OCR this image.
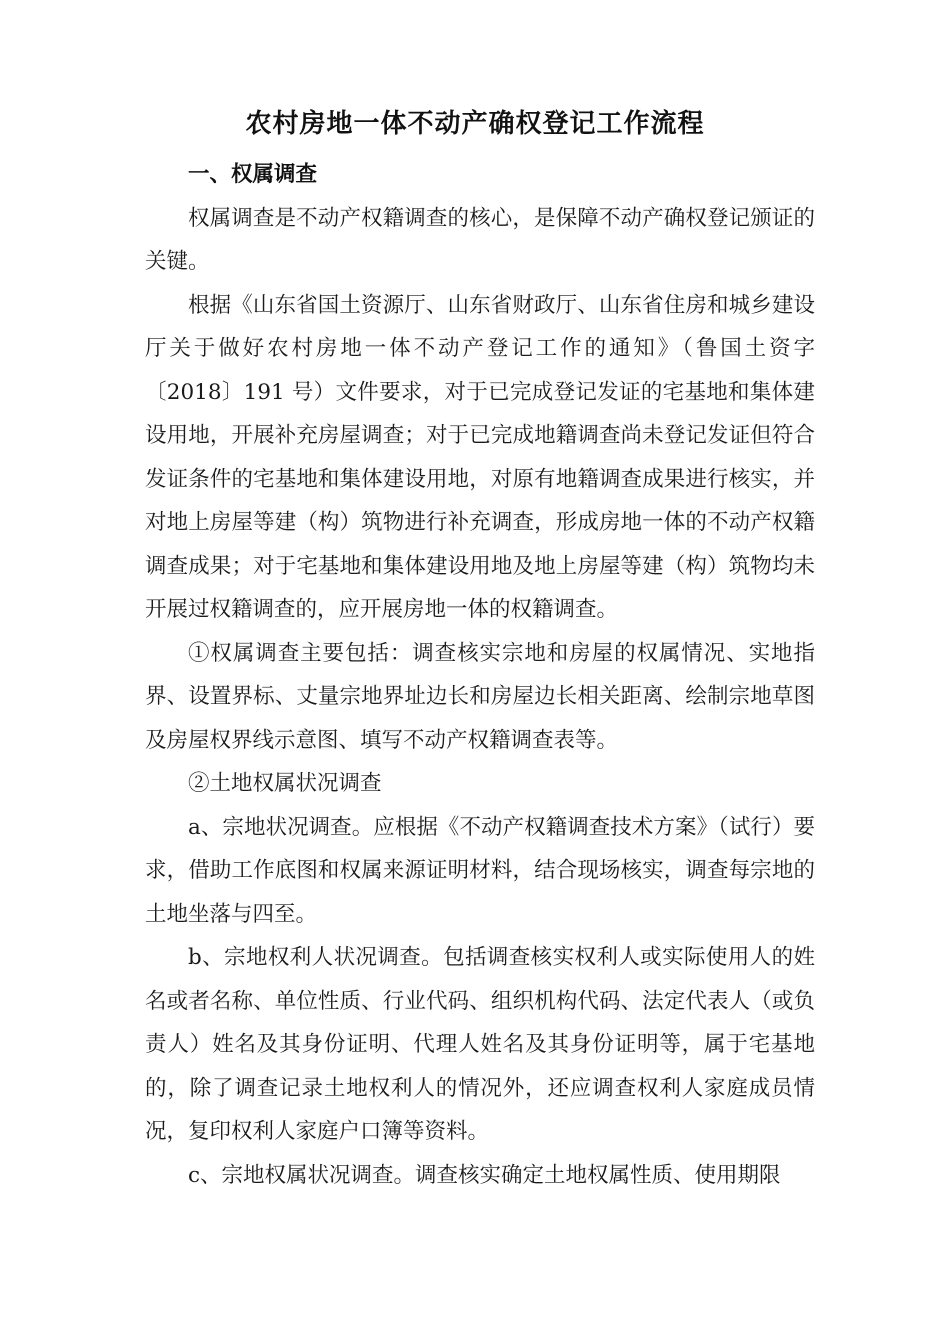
农村房地一体不动产确权登记工作流程
一、权属调查

权属调查是不动产权籍调查的核心，是保障不动产确权登记颁证的关键。

根据《山东省国土资源厅、山东省财政厅、山东省住房和城乡建设厅关于做好农村房地一体不动产登记工作的通知》（鲁国土资字〔2018〕191 号）文件要求，对于已完成登记发证的宅基地和集体建设用地，开展补充房屋调查；对于已完成地籍调查尚未登记发证但符合发证条件的宅基地和集体建设用地，对原有地籍调查成果进行核实，并对地上房屋等建（构）筑物进行补充调查，形成房地一体的不动产权籍调查成果；对于宅基地和集体建设用地及地上房屋等建（构）筑物均未开展过权籍调查的，应开展房地一体的权籍调查。

①权属调查主要包括：调查核实宗地和房屋的权属情况、实地指界、设置界标、丈量宗地界址边长和房屋边长相关距离、绘制宗地草图及房屋权界线示意图、填写不动产权籍调查表等。

②土地权属状况调查

a、宗地状况调查。应根据《不动产权籍调查技术方案》（试行）要求，借助工作底图和权属来源证明材料，结合现场核实，调查每宗地的土地坐落与四至。

b、宗地权利人状况调查。包括调查核实权利人或实际使用人的姓名或者名称、单位性质、行业代码、组织机构代码、法定代表人（或负责人）姓名及其身份证明、代理人姓名及其身份证明等，属于宅基地的，除了调查记录土地权利人的情况外，还应调查权利人家庭成员情况，复印权利人家庭户口簿等资料。

c、宗地权属状况调查。调查核实确定土地权属性质、使用期限
